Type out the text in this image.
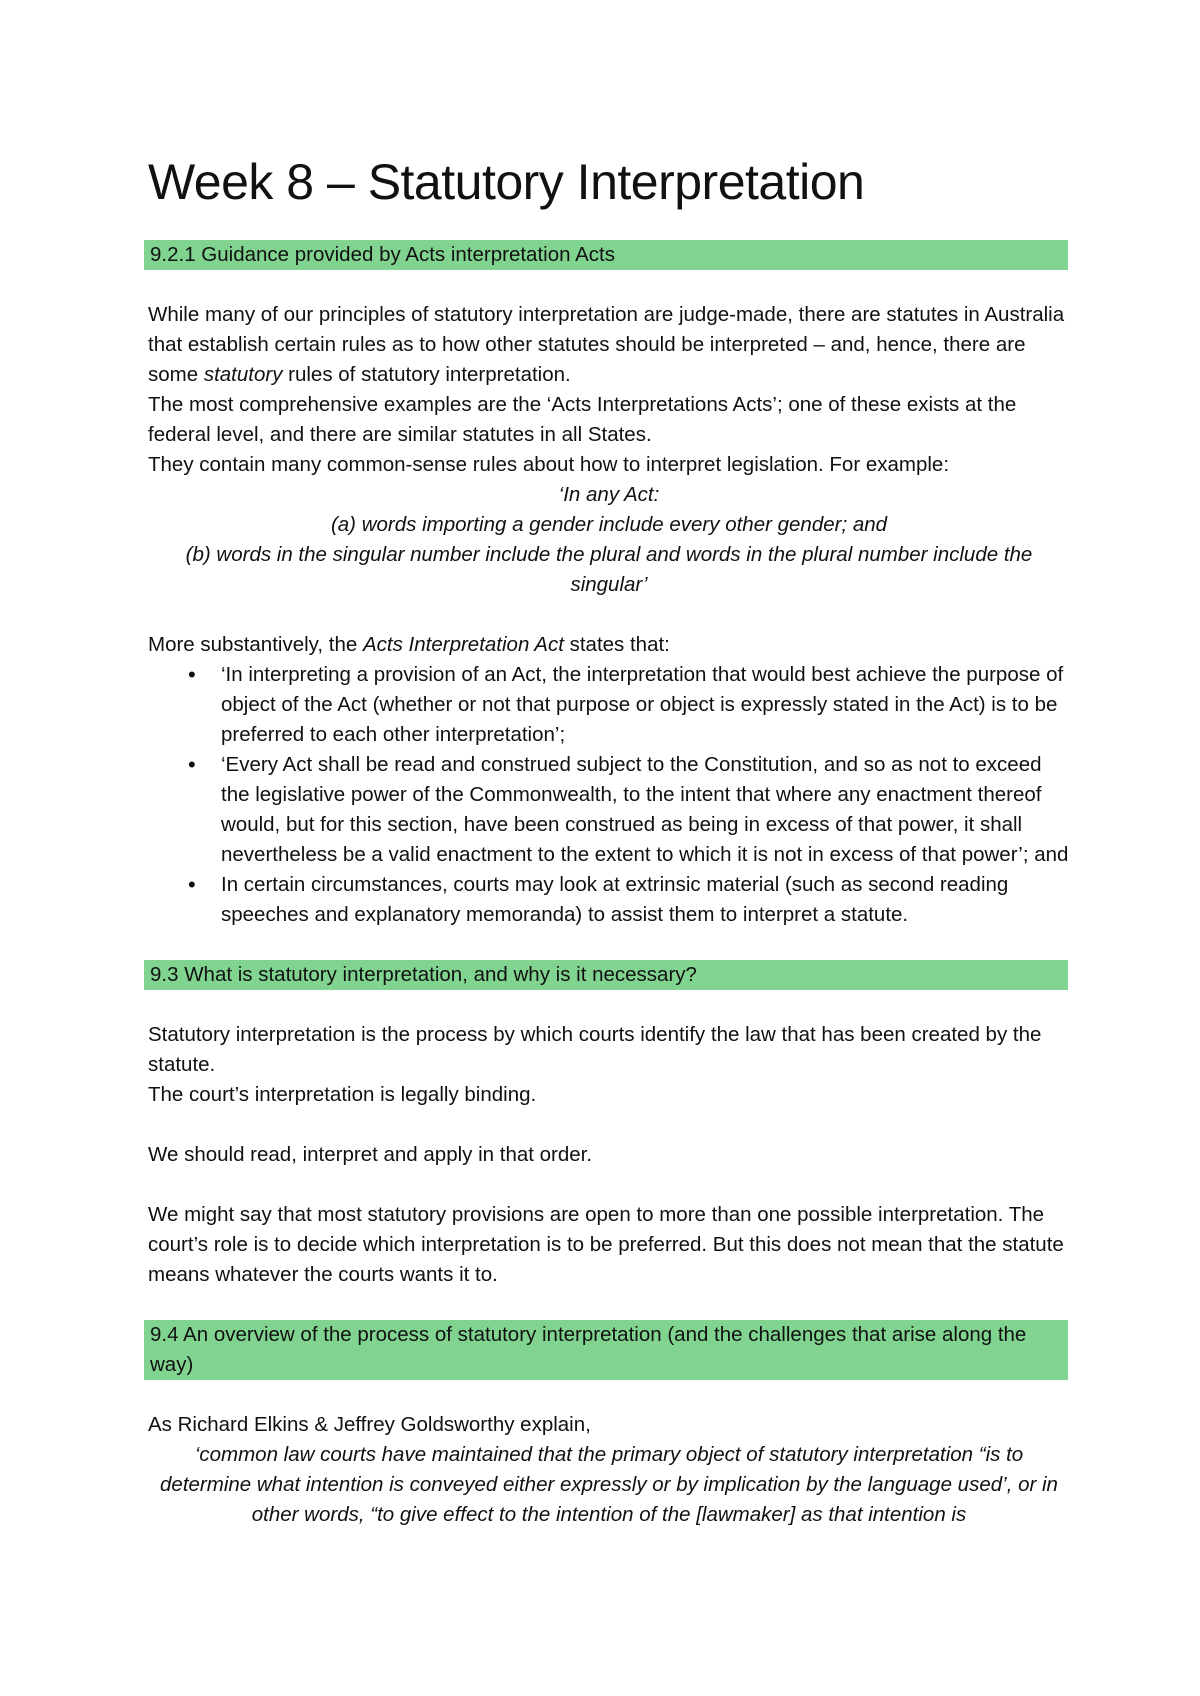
Week 8 – Statutory Interpretation
9.2.1 Guidance provided by Acts interpretation Acts

While many of our principles of statutory interpretation are judge-made, there are statutes in Australia that establish certain rules as to how other statutes should be interpreted – and, hence, there are some statutory rules of statutory interpretation.

The most comprehensive examples are the ‘Acts Interpretations Acts’; one of these exists at the federal level, and there are similar statutes in all States.

They contain many common-sense rules about how to interpret legislation. For example:

‘In any Act:
(a) words importing a gender include every other gender; and
(b) words in the singular number include the plural and words in the plural number include the singular’

More substantively, the Acts Interpretation Act states that:

• ‘In interpreting a provision of an Act, the interpretation that would best achieve the purpose of object of the Act (whether or not that purpose or object is expressly stated in the Act) is to be preferred to each other interpretation’;
• ‘Every Act shall be read and construed subject to the Constitution, and so as not to exceed the legislative power of the Commonwealth, to the intent that where any enactment thereof would, but for this section, have been construed as being in excess of that power, it shall nevertheless be a valid enactment to the extent to which it is not in excess of that power’; and
• In certain circumstances, courts may look at extrinsic material (such as second reading speeches and explanatory memoranda) to assist them to interpret a statute.
9.3 What is statutory interpretation, and why is it necessary?

Statutory interpretation is the process by which courts identify the law that has been created by the statute.

The court’s interpretation is legally binding.

We should read, interpret and apply in that order.

We might say that most statutory provisions are open to more than one possible interpretation. The court’s role is to decide which interpretation is to be preferred. But this does not mean that the statute means whatever the courts wants it to.

9.4 An overview of the process of statutory interpretation (and the challenges that arise along the way)

As Richard Elkins & Jeffrey Goldsworthy explain,

‘common law courts have maintained that the primary object of statutory interpretation “is to determine what intention is conveyed either expressly or by implication by the language used’, or in other words, “to give effect to the intention of the [lawmaker] as that intention is
